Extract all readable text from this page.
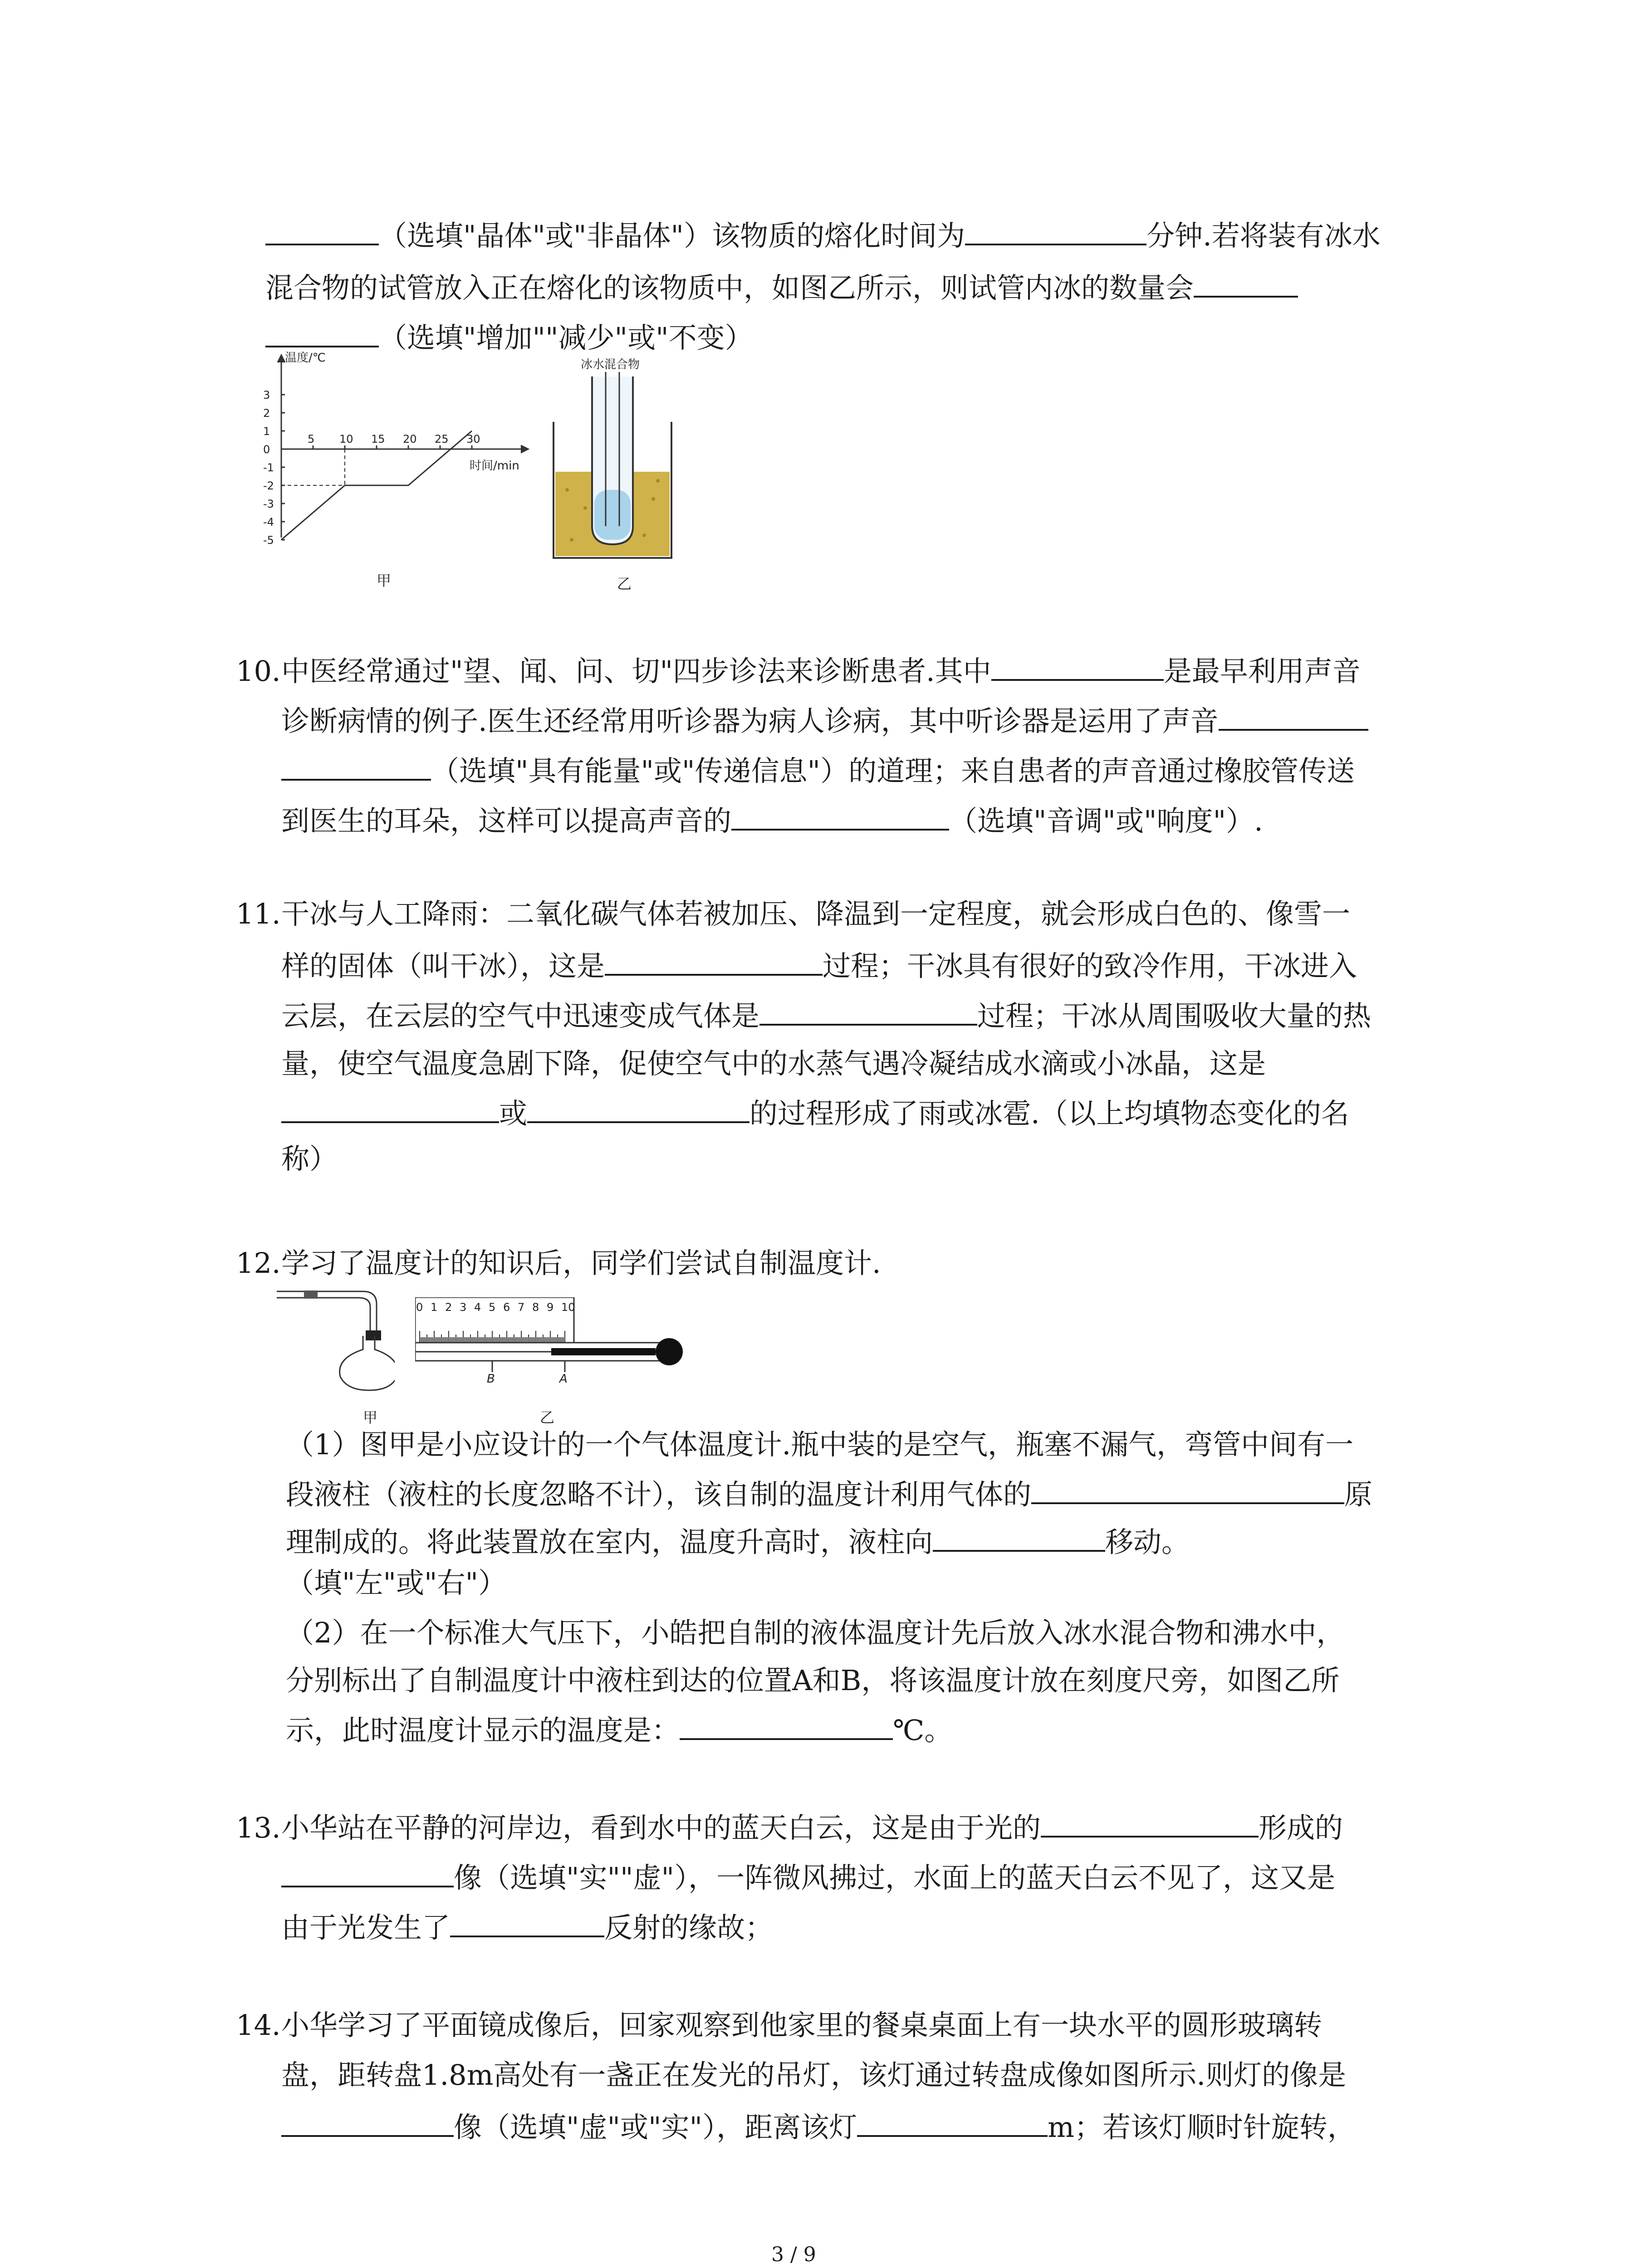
（选填"晶体"或"非晶体"）该物质的熔化时间为	分钟.若将装有冰水
混合物的试管放入正在熔化的该物质中，如图乙所示，则试管内冰的数量会
（选填"增加""减少"或"不变）
温度/℃
时间/min
3
2
1
0
-1
-2
-3
-4
-5
5 10 15 20 25 30
甲
冰水混合物
乙
10.中医经常通过"望、闻、问、切"四步诊法来诊断患者.其中	是最早利用声音
诊断病情的例子.医生还经常用听诊器为病人诊病，其中听诊器是运用了声音
（选填"具有能量"或"传递信息"）的道理；来自患者的声音通过橡胶管传送
到医生的耳朵，这样可以提高声音的	（选填"音调"或"响度"）.
11.干冰与人工降雨：二氧化碳气体若被加压、降温到一定程度，就会形成白色的、像雪一
样的固体（叫干冰），这是	过程；干冰具有很好的致冷作用，干冰进入
云层，在云层的空气中迅速变成气体是	过程；干冰从周围吸收大量的热
量，使空气温度急剧下降，促使空气中的水蒸气遇冷凝结成水滴或小冰晶，这是
或	的过程形成了雨或冰雹.（以上均填物态变化的名
称）
12.学习了温度计的知识后，同学们尝试自制温度计.
甲
0 1 2 3 4 5 6 7 8 9 10
B	A
乙
（1）图甲是小应设计的一个气体温度计.瓶中装的是空气，瓶塞不漏气，弯管中间有一
段液柱（液柱的长度忽略不计），该自制的温度计利用气体的	原
理制成的。将此装置放在室内，温度升高时，液柱向	移动。
（填"左"或"右"）
（2）在一个标准大气压下，小皓把自制的液体温度计先后放入冰水混合物和沸水中，
分别标出了自制温度计中液柱到达的位置A和B，将该温度计放在刻度尺旁，如图乙所
示，此时温度计显示的温度是：	℃。
13.小华站在平静的河岸边，看到水中的蓝天白云，这是由于光的	形成的
像（选填"实""虚"），一阵微风拂过，水面上的蓝天白云不见了，这又是
由于光发生了	反射的缘故；
14.小华学习了平面镜成像后，回家观察到他家里的餐桌桌面上有一块水平的圆形玻璃转
盘，距转盘1.8m高处有一盏正在发光的吊灯，该灯通过转盘成像如图所示.则灯的像是
像（选填"虚"或"实"），距离该灯	m；若该灯顺时针旋转，
3 / 9
